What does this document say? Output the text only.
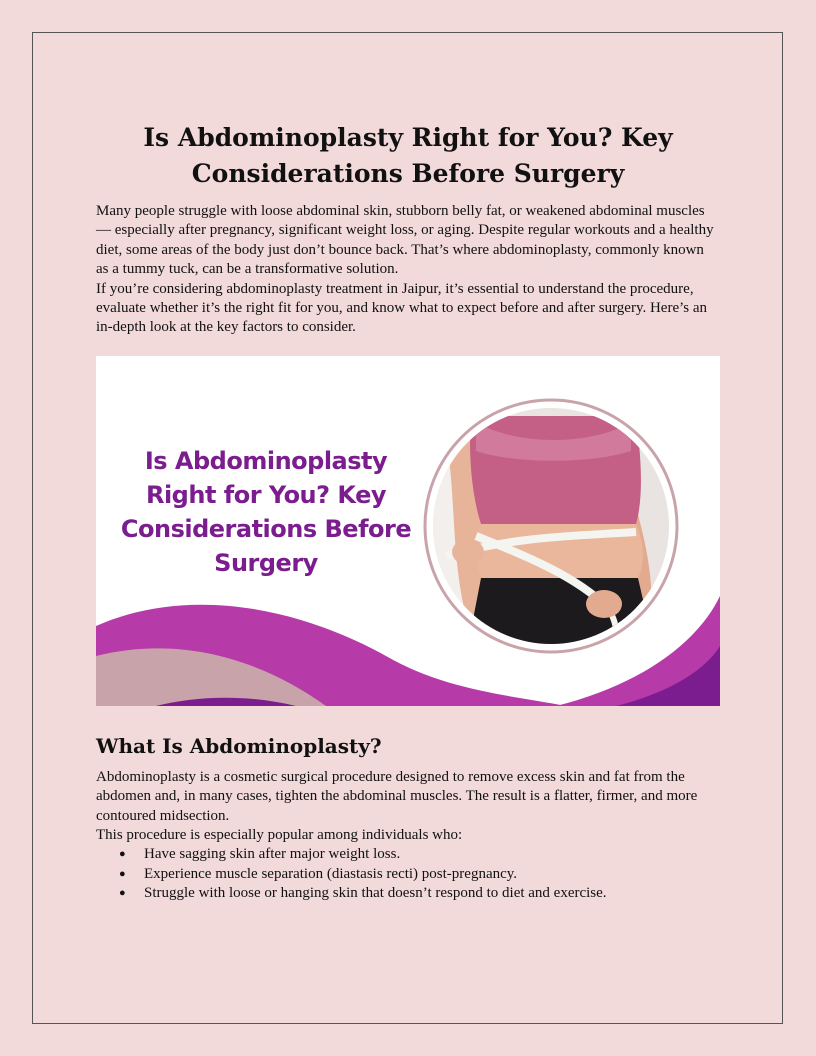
Is Abdominoplasty Right for You? Key Considerations Before Surgery

Many people struggle with loose abdominal skin, stubborn belly fat, or weakened abdominal muscles — especially after pregnancy, significant weight loss, or aging. Despite regular workouts and a healthy diet, some areas of the body just don’t bounce back. That’s where abdominoplasty, commonly known as a tummy tuck, can be a transformative solution.

If you’re considering abdominoplasty treatment in Jaipur, it’s essential to understand the procedure, evaluate whether it’s the right fit for you, and know what to expect before and after surgery. Here’s an in-depth look at the key factors to consider.

Is Abdominoplasty Right for You? Key Considerations Before Surgery
What Is Abdominoplasty?

Abdominoplasty is a cosmetic surgical procedure designed to remove excess skin and fat from the abdomen and, in many cases, tighten the abdominal muscles. The result is a flatter, firmer, and more contoured midsection.

This procedure is especially popular among individuals who:

● Have sagging skin after major weight loss.
● Experience muscle separation (diastasis recti) post-pregnancy.
● Struggle with loose or hanging skin that doesn’t respond to diet and exercise.
